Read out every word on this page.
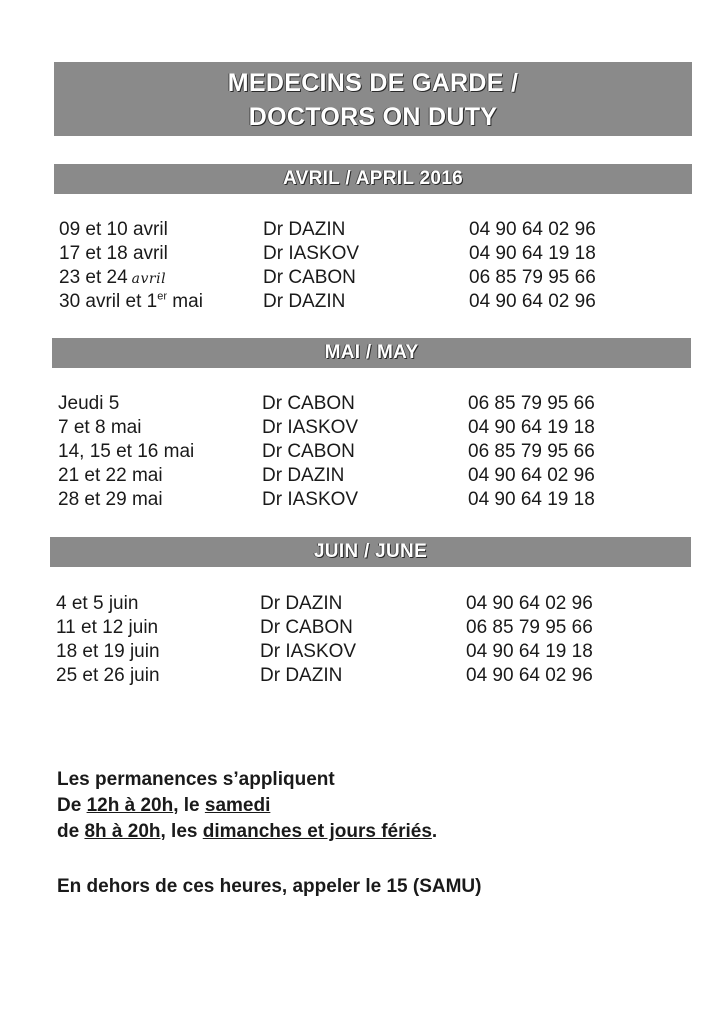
MEDECINS DE GARDE /
DOCTORS ON DUTY
AVRIL / APRIL 2016
09 et 10 avril	Dr DAZIN	04 90 64 02 96
17 et 18 avril	Dr IASKOV	04 90 64 19 18
23 et 24 avril	Dr CABON	06 85 79 95 66
30 avril et 1er mai	Dr DAZIN	04 90 64 02 96
MAI / MAY
Jeudi 5	Dr CABON	06 85 79 95 66
7 et 8 mai	Dr IASKOV	04 90 64 19 18
14, 15 et 16 mai	Dr CABON	06 85 79 95 66
21 et 22 mai	Dr DAZIN	04 90 64 02 96
28 et 29 mai	Dr IASKOV	04 90 64 19 18
JUIN / JUNE
4 et 5 juin	Dr DAZIN	04 90 64 02 96
11 et 12 juin	Dr CABON	06 85 79 95 66
18 et 19 juin	Dr IASKOV	04 90 64 19 18
25 et 26 juin	Dr DAZIN	04 90 64 02 96
Les permanences s’appliquent
De 12h à 20h, le samedi
de 8h à 20h, les dimanches et jours fériés.
En dehors de ces heures, appeler le 15 (SAMU)
